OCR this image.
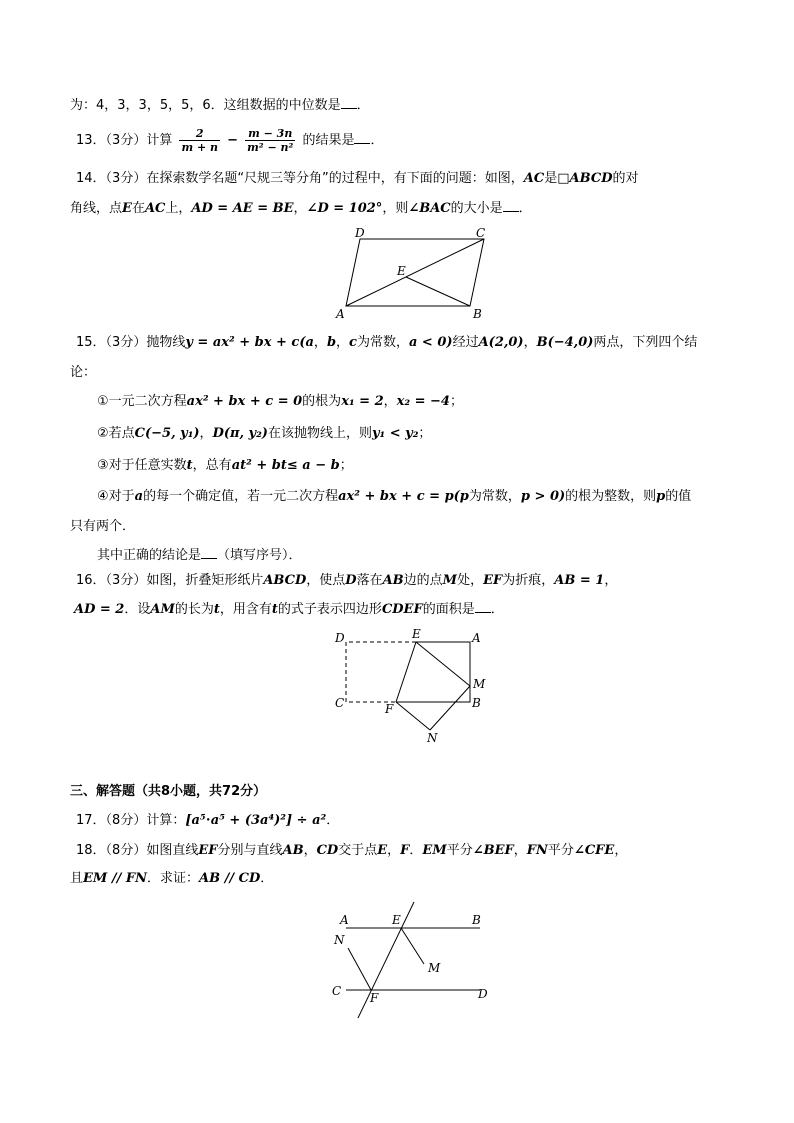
为：4，3，3，5，5，6．这组数据的中位数是 ．
13．（3分）计算 $\frac{2}{m + n} - \frac{m - 3n}{\text{m² − n²}}$ 的结果是 ．
14．（3分）在探索数学名题“尺规三等分角”的过程中，有下面的问题：如图，AC是□ABCD的对
角线，点E在AC上，AD = AE = BE，∠D = 102°，则∠BAC的大小是 ．
A	B
C
D
E
15．（3分）抛物线y = ax² + bx + c(a，b，c为常数，a < 0)经过A(2,0)，B(−4,0)两点，下列四个结
论：
①一元二次方程ax² + bx + c = 0的根为x₁ = 2，x₂ = −4；
②若点C(−5, y₁)，D(π, y₂)在该抛物线上，则y₁ < y₂；
③对于任意实数t，总有at² + bt≤ a − b；
④对于a的每一个确定值，若一元二次方程ax² + bx + c = p(p为常数，p > 0)的根为整数，则p的值
只有两个．
其中正确的结论是 （填写序号）．
16．（3分）如图，折叠矩形纸片ABCD，使点D落在AB边的点M处，EF为折痕，AB = 1，
AD = 2．设AM的长为t，用含有t的式子表示四边形CDEF的面积是 ．
D	E	A
M
B
C	F
N
三、解答题（共8小题，共72分）
17．（8分）计算：[a⁵⋅a⁵ + (3a⁴)²] ÷ a²．
18．（8分）如图直线EF分别与直线AB，CD交于点E，F．EM平分∠BEF，FN平分∠CFE，
且EM // FN．求证：AB // CD．
A	E	B
N
M
C F	D
